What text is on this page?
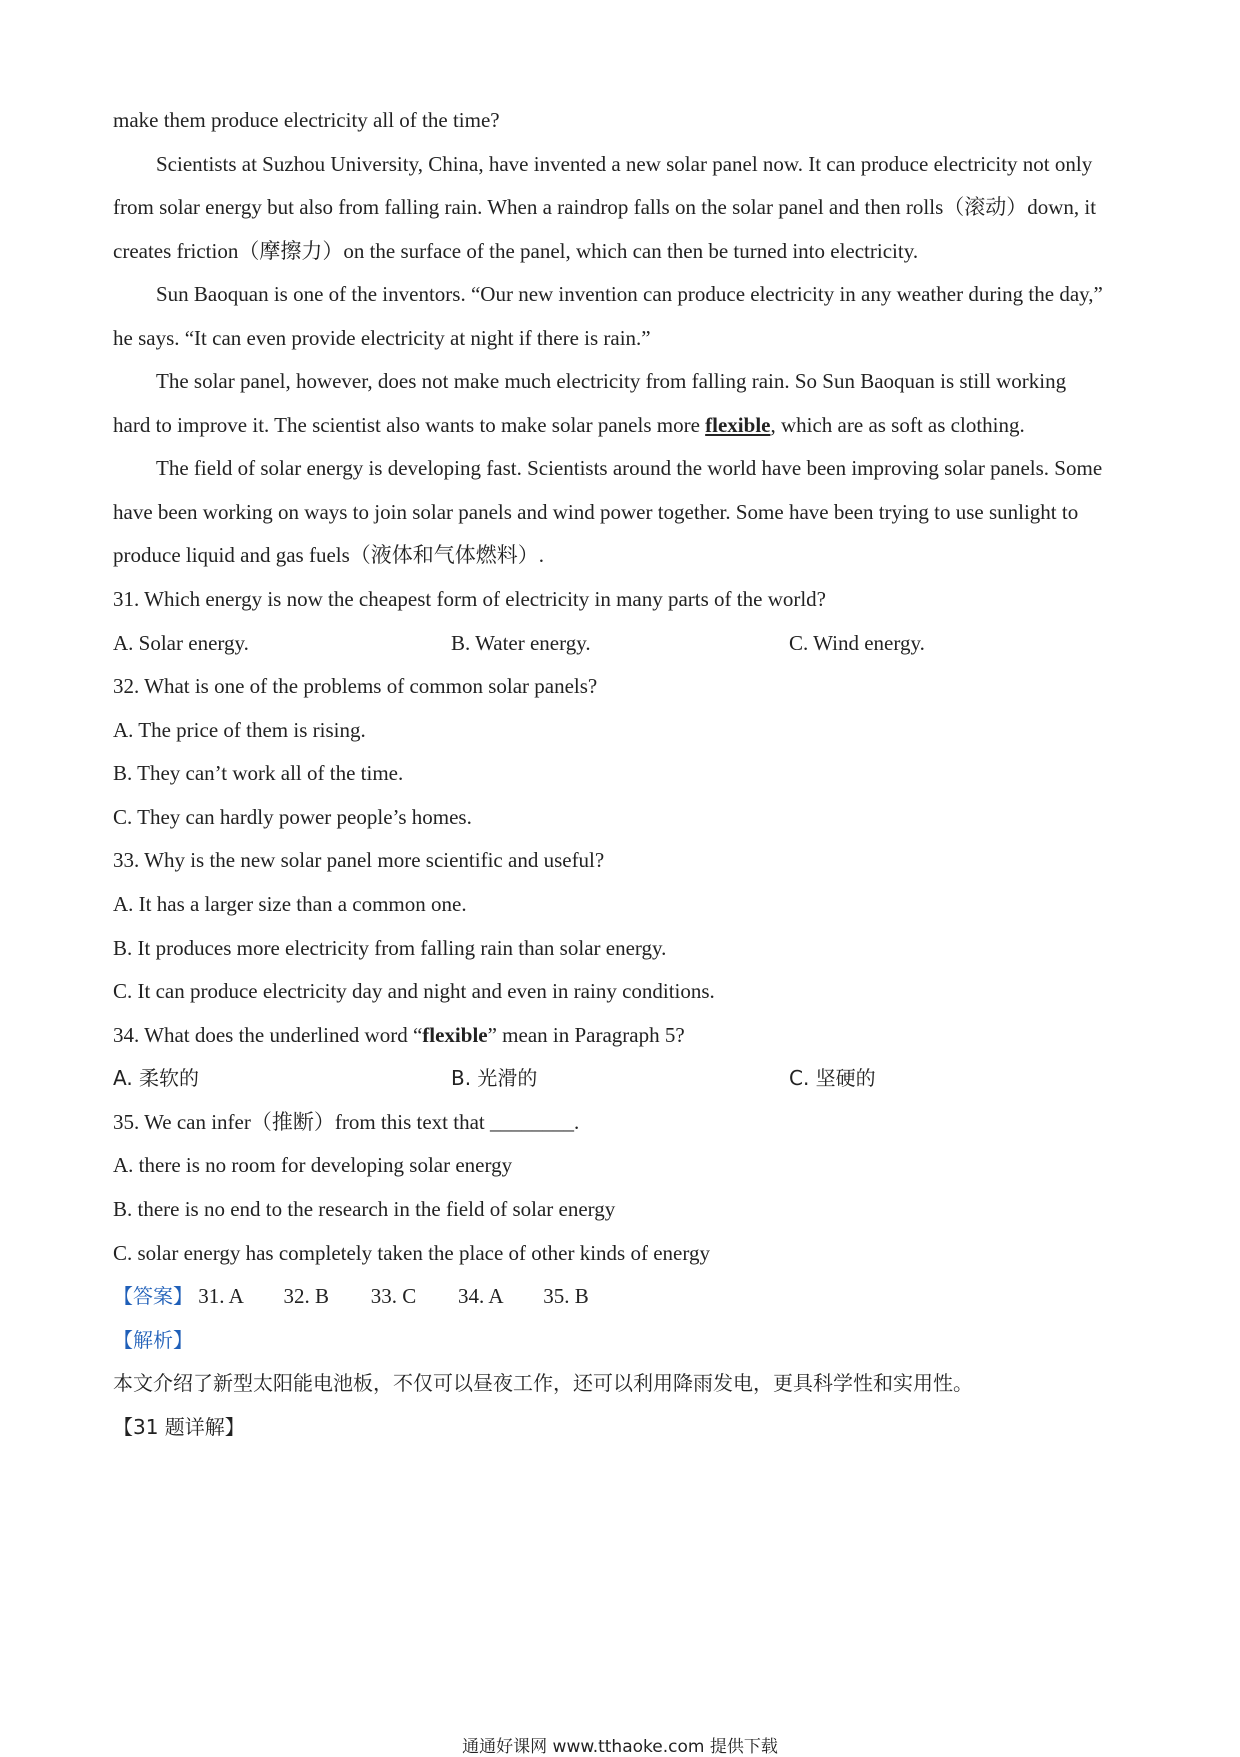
make them produce electricity all of the time?
Scientists at Suzhou University, China, have invented a new solar panel now. It can produce electricity not only
from solar energy but also from falling rain. When a raindrop falls on the solar panel and then rolls（滚动）down, it
creates friction（摩擦力）on the surface of the panel, which can then be turned into electricity.
Sun Baoquan is one of the inventors. “Our new invention can produce electricity in any weather during the day,”
he says. “It can even provide electricity at night if there is rain.”
The solar panel, however, does not make much electricity from falling rain. So Sun Baoquan is still working
hard to improve it. The scientist also wants to make solar panels more flexible, which are as soft as clothing.
The field of solar energy is developing fast. Scientists around the world have been improving solar panels. Some
have been working on ways to join solar panels and wind power together. Some have been trying to use sunlight to
produce liquid and gas fuels（液体和气体燃料）.
31. Which energy is now the cheapest form of electricity in many parts of the world?
A. Solar energy.	B. Water energy.	C. Wind energy.
32. What is one of the problems of common solar panels?
A. The price of them is rising.
B. They can’t work all of the time.
C. They can hardly power people’s homes.
33. Why is the new solar panel more scientific and useful?
A. It has a larger size than a common one.
B. It produces more electricity from falling rain than solar energy.
C. It can produce electricity day and night and even in rainy conditions.
34. What does the underlined word “flexible” mean in Paragraph 5?
A. 柔软的	B. 光滑的	C. 坚硬的
35. We can infer（推断）from this text that ________.
A. there is no room for developing solar energy
B. there is no end to the research in the field of solar energy
C. solar energy has completely taken the place of other kinds of energy
【答案】 31. A 32. B 33. C 34. A 35. B
【解析】
本文介绍了新型太阳能电池板，不仅可以昼夜工作，还可以利用降雨发电，更具科学性和实用性。
【31 题详解】
通通好课网 www.tthaoke.com 提供下载
